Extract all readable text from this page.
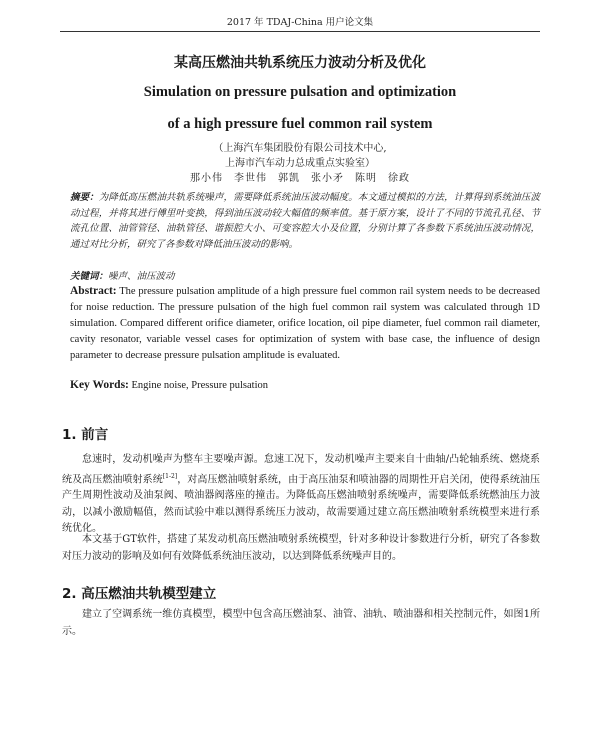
2017 年 TDAJ-China 用户论文集
某高压燃油共轨系统压力波动分析及优化
Simulation on pressure pulsation and optimization
of a high pressure fuel common rail system
（上海汽车集团股份有限公司技术中心,
上海市汽车动力总成重点实验室）
那小伟　李世伟　郭凯　张小矛　陈明　徐政
摘要：为降低高压燃油共轨系统噪声，需要降低系统油压波动幅度。本文通过模拟的方法，计算得到系统油压波动过程，并将其进行傅里叶变换，得到油压波动较大幅值的频率值。基于原方案，设计了不同的节流孔孔径、节流孔位置、油管管径、油轨管径、谐振腔大小、可变容腔大小及位置，分别计算了各参数下系统油压波动情况，通过对比分析，研究了各参数对降低油压波动的影响。
关键词：噪声、油压波动
Abstract: The pressure pulsation amplitude of a high pressure fuel common rail system needs to be decreased for noise reduction. The pressure pulsation of the high fuel common rail system was calculated through 1D simulation. Compared different orifice diameter, orifice location, oil pipe diameter, fuel common rail diameter, cavity resonator, variable vessel cases for optimization of system with base case, the influence of design parameter to decrease pressure pulsation amplitude is evaluated.
Key Words: Engine noise, Pressure pulsation
1. 前言
怠速时，发动机噪声为整车主要噪声源。怠速工况下，发动机噪声主要来自十曲轴/凸轮轴系统、燃烧系统及高压燃油喷射系统[1-2]，对高压燃油喷射系统，由于高压油泵和喷油器的周期性开启关闭，使得系统油压产生周期性波动及油泵阀、喷油器阀落座的撞击。为降低高压燃油喷射系统噪声，需要降低系统燃油压力波动，以减小激励幅值，然而试验中难以测得系统压力波动，故需要通过建立高压燃油喷射系统模型来进行系统优化。
本文基于GT软件，搭建了某发动机高压燃油喷射系统模型，针对多种设计参数进行分析，研究了各参数对压力波动的影响及如何有效降低系统油压波动，以达到降低系统噪声目的。
2. 高压燃油共轨模型建立
建立了空调系统一维仿真模型，模型中包含高压燃油泵、油管、油轨、喷油器和相关控制元件，如图1所示。
